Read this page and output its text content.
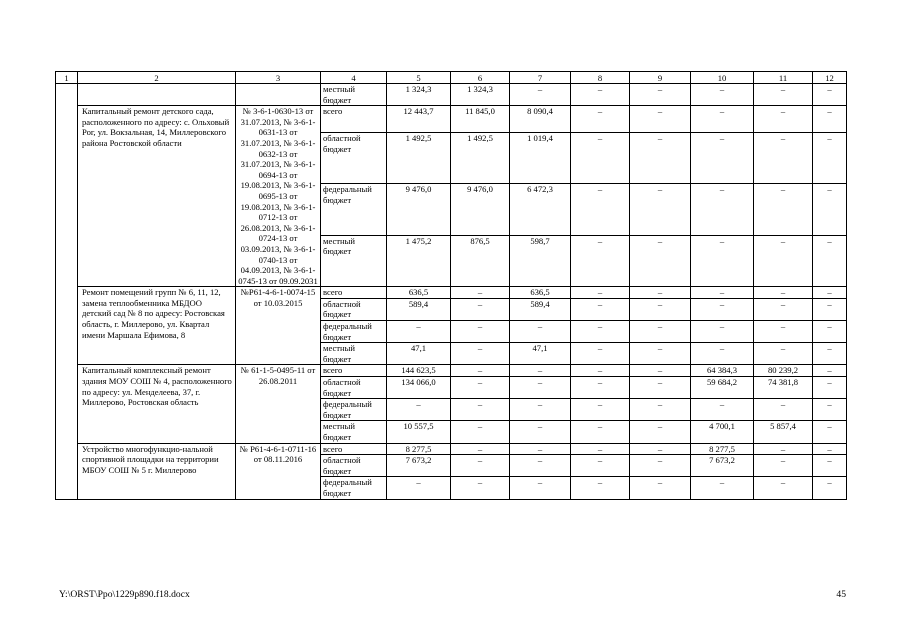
1	2	3	4	5	6	7	8	9	10	11	12
			местный бюджет	1 324,3	1 324,3	–	–	–	–	–	–
	Капитальный ремонт детского сада, расположенного по адресу: с. Ольховый Рог, ул. Вокзальная, 14, Миллеровского района Ростовской области	№ 3-6-1-0630-13 от 31.07.2013, № 3-6-1-0631-13 от 31.07.2013, № 3-6-1-0632-13 от 31.07.2013, № 3-6-1-0694-13 от 19.08.2013, № 3-6-1-0695-13 от 19.08.2013, № 3-6-1-0712-13 от 26.08.2013, № 3-6-1-0724-13 от 03.09.2013, № 3-6-1-0740-13 от 04.09.2013, № 3-6-1-0745-13 от 09.09.2031	всего	12 443,7	11 845,0	8 090,4	–	–	–	–	–
			областной бюджет	1 492,5	1 492,5	1 019,4	–	–	–	–	–
			федеральный бюджет	9 476,0	9 476,0	6 472,3	–	–	–	–	–
			местный бюджет	1 475,2	876,5	598,7	–	–	–	–	–
	Ремонт помещений групп № 6, 11, 12, замена теплообменника МБДОО детский сад № 8 по адресу: Ростовская область, г. Миллерово, ул. Квартал имени Маршала Ефимова, 8	№Р61-4-6-1-0074-15 от 10.03.2015	всего	636,5	–	636,5	–	–	–	–	–
			областной бюджет	589,4	–	589,4	–	–	–	–	–
			федеральный бюджет	–	–	–	–	–	–	–	–
			местный бюджет	47,1	–	47,1	–	–	–	–	–
	Капитальный комплексный ремонт здания МОУ СОШ № 4, расположенного по адресу: ул. Менделеева, 37, г. Миллерово, Ростовская область	№ 61-1-5-0495-11 от 26.08.2011	всего	144 623,5	–	–	–	–	64 384,3	80 239,2	–
			областной бюджет	134 066,0	–	–	–	–	59 684,2	74 381,8	–
			федеральный бюджет	–	–	–	–	–	–	–	–
			местный бюджет	10 557,5	–	–	–	–	4 700,1	5 857,4	–
	Устройство многофункцио-нальной спортивной площадки на территории МБОУ СОШ № 5 г. Миллерово	№ Р61-4-6-1-0711-16 от 08.11.2016	всего	8 277,5	–	–	–	–	8 277,5	–	–
			областной бюджет	7 673,2	–	–	–	–	7 673,2	–	–
			федеральный бюджет	–	–	–	–	–	–	–	–
Y:\ORST\Ppo\1229p890.f18.docx	45
